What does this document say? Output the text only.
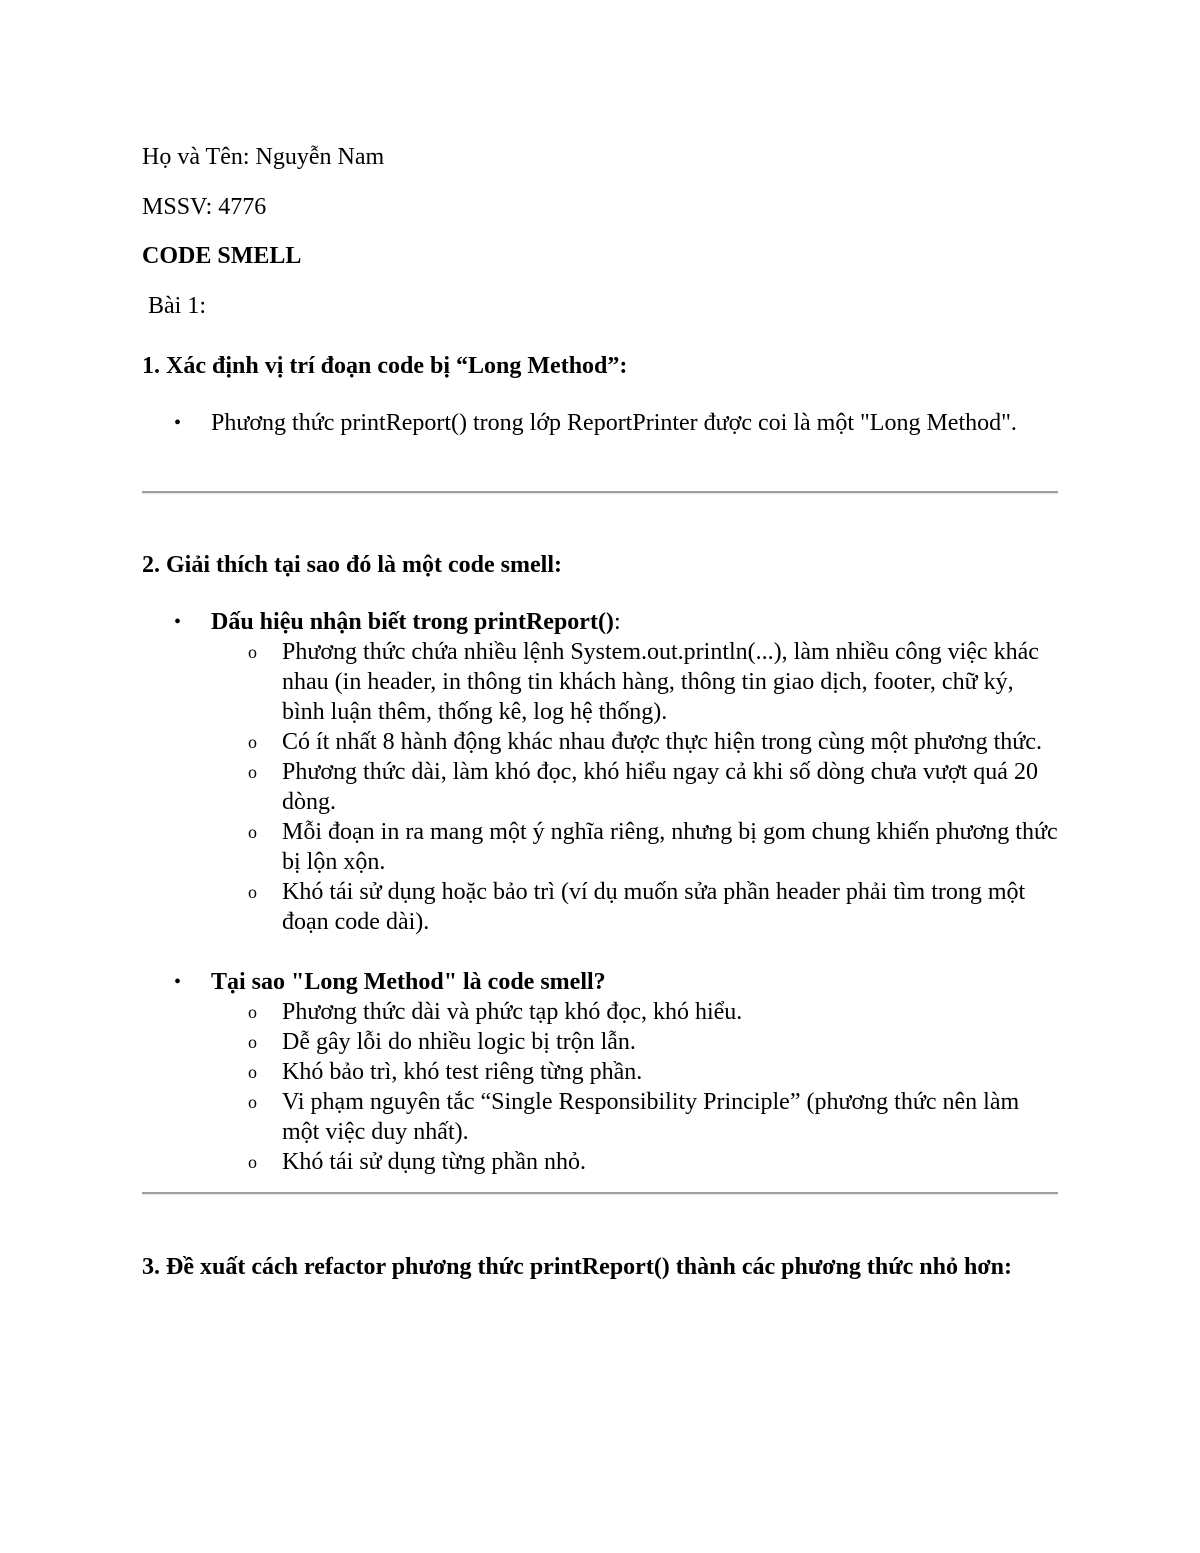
Họ và Tên: Nguyễn Nam
MSSV: 4776
CODE SMELL
Bài 1:
1. Xác định vị trí đoạn code bị “Long Method”:
• Phương thức printReport() trong lớp ReportPrinter được coi là một "Long Method".
2. Giải thích tại sao đó là một code smell:
• Dấu hiệu nhận biết trong printReport():
o Phương thức chứa nhiều lệnh System.out.println(...), làm nhiều công việc khác nhau (in header, in thông tin khách hàng, thông tin giao dịch, footer, chữ ký, bình luận thêm, thống kê, log hệ thống).
o Có ít nhất 8 hành động khác nhau được thực hiện trong cùng một phương thức.
o Phương thức dài, làm khó đọc, khó hiểu ngay cả khi số dòng chưa vượt quá 20 dòng.
o Mỗi đoạn in ra mang một ý nghĩa riêng, nhưng bị gom chung khiến phương thức bị lộn xộn.
o Khó tái sử dụng hoặc bảo trì (ví dụ muốn sửa phần header phải tìm trong một đoạn code dài).
• Tại sao "Long Method" là code smell?
o Phương thức dài và phức tạp khó đọc, khó hiểu.
o Dễ gây lỗi do nhiều logic bị trộn lẫn.
o Khó bảo trì, khó test riêng từng phần.
o Vi phạm nguyên tắc “Single Responsibility Principle” (phương thức nên làm một việc duy nhất).
o Khó tái sử dụng từng phần nhỏ.
3. Đề xuất cách refactor phương thức printReport() thành các phương thức nhỏ hơn:
